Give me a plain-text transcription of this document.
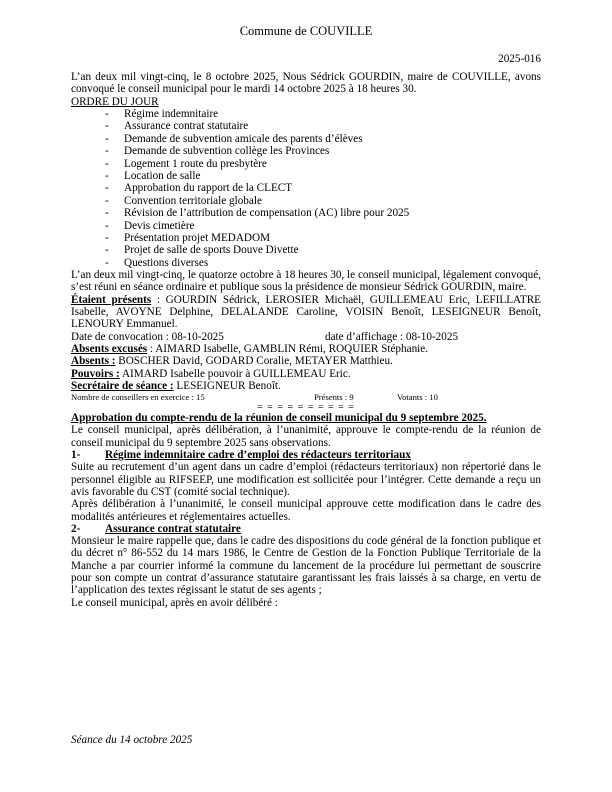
Commune de COUVILLE
2025-016

L’an deux mil vingt-cinq, le 8 octobre 2025, Nous Sédrick GOURDIN, maire de COUVILLE, avons convoqué le conseil municipal pour le mardi 14 octobre 2025 à 18 heures 30.

ORDRE DU JOUR

- Régime indemnitaire
- Assurance contrat statutaire
- Demande de subvention amicale des parents d’élèves
- Demande de subvention collège les Provinces
- Logement 1 route du presbytère
- Location de salle
- Approbation du rapport de la CLECT
- Convention territoriale globale
- Révision de l’attribution de compensation (AC) libre pour 2025
- Devis cimetière
- Présentation projet MEDADOM
- Projet de salle de sports Douve Divette
- Questions diverses

L’an deux mil vingt-cinq, le quatorze octobre à 18 heures 30, le conseil municipal, légalement convoqué, s’est réuni en séance ordinaire et publique sous la présidence de monsieur Sédrick GOURDIN, maire.

Étaient présents : GOURDIN Sédrick, LEROSIER Michaël, GUILLEMEAU Eric, LEFILLATRE Isabelle, AVOYNE Delphine, DELALANDE Caroline, VOISIN Benoît, LESEIGNEUR Benoît, LENOURY Emmanuel.

Date de convocation : 08-10-2025	date d’affichage : 08-10-2025

Absents excusés : AIMARD Isabelle, GAMBLIN Rémi, ROQUIER Stéphanie.

Absents : BOSCHER David, GODARD Coralie, METAYER Matthieu.

Pouvoirs : AIMARD Isabelle pouvoir à GUILLEMEAU Eric.

Secrétaire de séance : LESEIGNEUR Benoît.

Nombre de conseillers en exercice : 15	Présents : 9	Votants : 10
= = = = = = = = = =

Approbation du compte-rendu de la réunion de conseil municipal du 9 septembre 2025.

Le conseil municipal, après délibération, à l’unanimité, approuve le compte-rendu de la réunion de conseil municipal du 9 septembre 2025 sans observations.

1-	Régime indemnitaire cadre d’emploi des rédacteurs territoriaux

Suite au recrutement d’un agent dans un cadre d’emploi (rédacteurs territoriaux) non répertorié dans le personnel éligible au RIFSEEP, une modification est sollicitée pour l’intégrer. Cette demande a reçu un avis favorable du CST (comité social technique).

Après délibération à l’unanimité, le conseil municipal approuve cette modification dans le cadre des modalités antérieures et réglementaires actuelles.

2-	Assurance contrat statutaire

Monsieur le maire rappelle que, dans le cadre des dispositions du code général de la fonction publique et du décret n° 86-552 du 14 mars 1986, le Centre de Gestion de la Fonction Publique Territoriale de la Manche a par courrier informé la commune du lancement de la procédure lui permettant de souscrire pour son compte un contrat d’assurance statutaire garantissant les frais laissés à sa charge, en vertu de l’application des textes régissant le statut de ses agents ;

Le conseil municipal, après en avoir délibéré :

Séance du 14 octobre 2025
